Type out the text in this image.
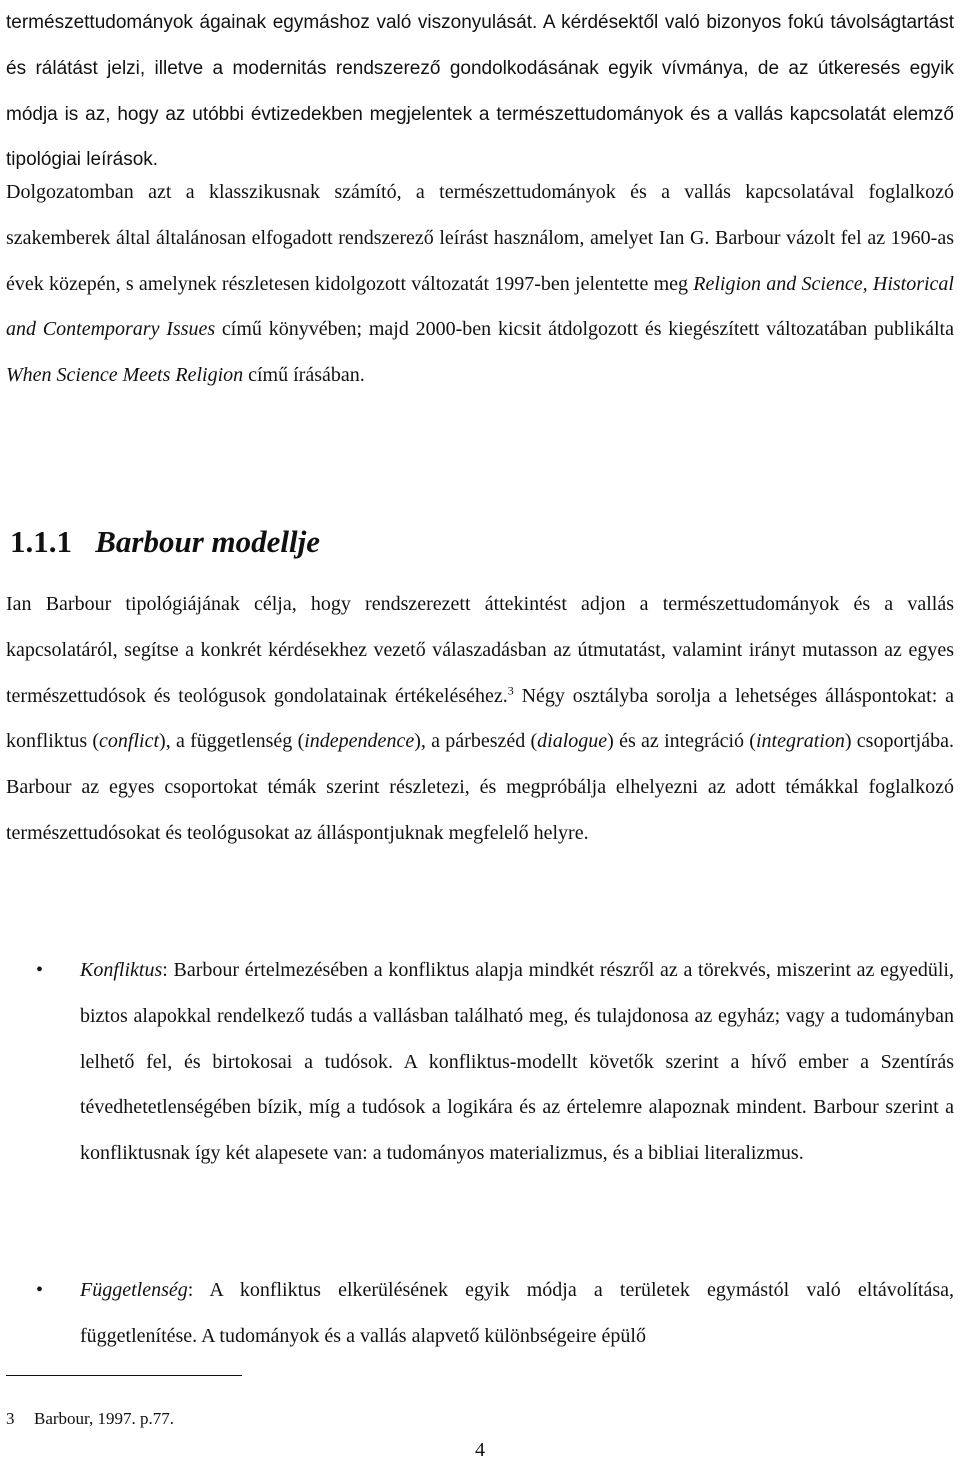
természettudományok ágainak egymáshoz való viszonyulását. A kérdésektől való bizonyos fokú távolságtartást és rálátást jelzi, illetve a modernitás rendszerező gondolkodásának egyik vívmánya, de az útkeresés egyik módja is az, hogy az utóbbi évtizedekben megjelentek a természettudományok és a vallás kapcsolatát elemző tipológiai leírások.

Dolgozatomban azt a klasszikusnak számító, a természettudományok és a vallás kapcsolatával foglalkozó szakemberek által általánosan elfogadott rendszerező leírást használom, amelyet Ian G. Barbour vázolt fel az 1960-as évek közepén, s amelynek részletesen kidolgozott változatát 1997-ben jelentette meg Religion and Science, Historical and Contemporary Issues című könyvében; majd 2000-ben kicsit átdolgozott és kiegészített változatában publikálta When Science Meets Religion című írásában.

1.1.1 Barbour modellje

Ian Barbour tipológiájának célja, hogy rendszerezett áttekintést adjon a természettudományok és a vallás kapcsolatáról, segítse a konkrét kérdésekhez vezető válaszadásban az útmutatást, valamint irányt mutasson az egyes természettudósok és teológusok gondolatainak értékeléséhez.$^3$ Négy osztályba sorolja a lehetséges álláspontokat: a konfliktus (conflict), a függetlenség (independence), a párbeszéd (dialogue) és az integráció (integration) csoportjába. Barbour az egyes csoportokat témák szerint részletezi, és megpróbálja elhelyezni az adott témákkal foglalkozó természettudósokat és teológusokat az álláspontjuknak megfelelő helyre.

• Konfliktus: Barbour értelmezésében a konfliktus alapja mindkét részről az a törekvés, miszerint az egyedüli, biztos alapokkal rendelkező tudás a vallásban található meg, és tulajdonosa az egyház; vagy a tudományban lelhető fel, és birtokosai a tudósok. A konfliktus-modellt követők szerint a hívő ember a Szentírás tévedhetetlenségében bízik, míg a tudósok a logikára és az értelemre alapoznak mindent. Barbour szerint a konfliktusnak így két alapesete van: a tudományos materializmus, és a bibliai literalizmus.

• Függetlenség: A konfliktus elkerülésének egyik módja a területek egymástól való eltávolítása, függetlenítése. A tudományok és a vallás alapvető különbségeire épülő

3 Barbour, 1997. p.77.

4
